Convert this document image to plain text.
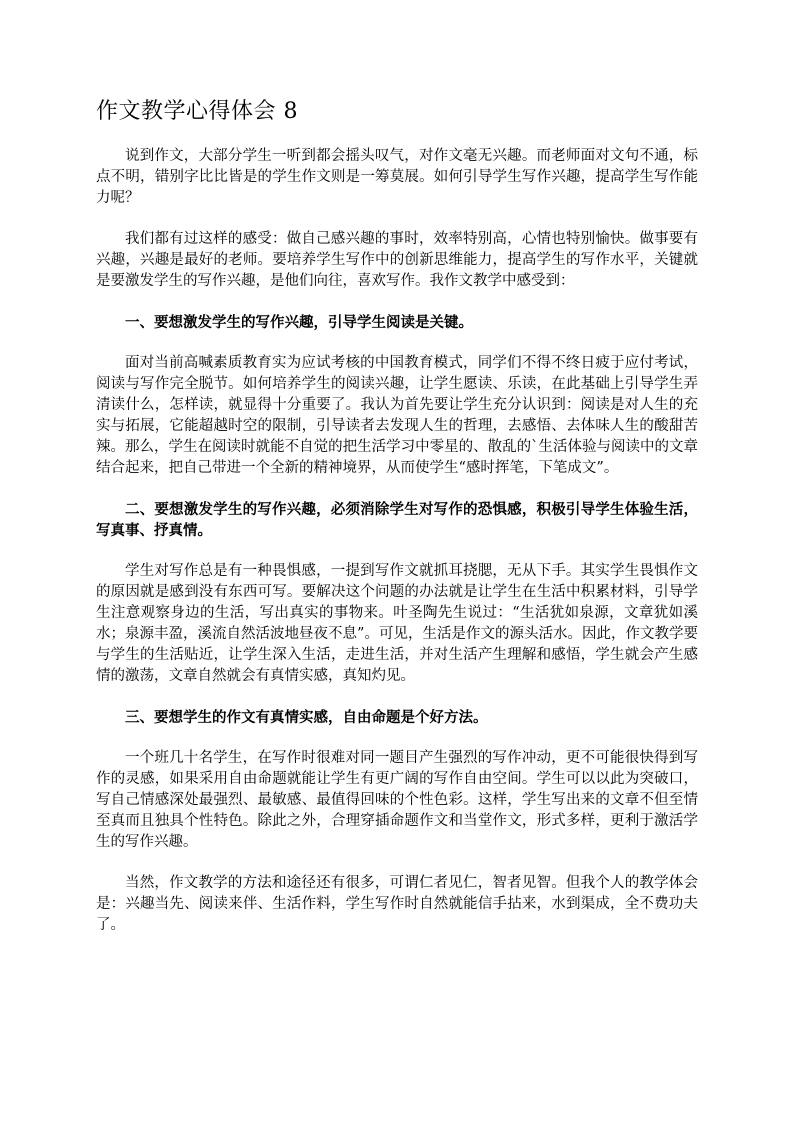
作文教学心得体会 8

说到作文，大部分学生一听到都会摇头叹气，对作文毫无兴趣。而老师面对文句不通，标点不明，错别字比比皆是的学生作文则是一筹莫展。如何引导学生写作兴趣，提高学生写作能力呢？

我们都有过这样的感受：做自己感兴趣的事时，效率特别高，心情也特别愉快。做事要有兴趣，兴趣是最好的老师。要培养学生写作中的创新思维能力，提高学生的写作水平，关键就是要激发学生的写作兴趣，是他们向往，喜欢写作。我作文教学中感受到：

一、要想激发学生的写作兴趣，引导学生阅读是关键。

面对当前高喊素质教育实为应试考核的中国教育模式，同学们不得不终日疲于应付考试，阅读与写作完全脱节。如何培养学生的阅读兴趣，让学生愿读、乐读，在此基础上引导学生弄清读什么，怎样读，就显得十分重要了。我认为首先要让学生充分认识到：阅读是对人生的充实与拓展，它能超越时空的限制，引导读者去发现人生的哲理，去感悟、去体味人生的酸甜苦辣。那么，学生在阅读时就能不自觉的把生活学习中零星的、散乱的`生活体验与阅读中的文章结合起来，把自己带进一个全新的精神境界，从而使学生“感时挥笔，下笔成文”。

二、要想激发学生的写作兴趣，必须消除学生对写作的恐惧感，积极引导学生体验生活，写真事、抒真情。

学生对写作总是有一种畏惧感，一提到写作文就抓耳挠腮，无从下手。其实学生畏惧作文的原因就是感到没有东西可写。要解决这个问题的办法就是让学生在生活中积累材料，引导学生注意观察身边的生活，写出真实的事物来。叶圣陶先生说过：“生活犹如泉源，文章犹如溪水；泉源丰盈，溪流自然活波地昼夜不息”。可见，生活是作文的源头活水。因此，作文教学要与学生的生活贴近，让学生深入生活，走进生活，并对生活产生理解和感悟，学生就会产生感情的激荡，文章自然就会有真情实感，真知灼见。

三、要想学生的作文有真情实感，自由命题是个好方法。

一个班几十名学生，在写作时很难对同一题目产生强烈的写作冲动，更不可能很快得到写作的灵感，如果采用自由命题就能让学生有更广阔的写作自由空间。学生可以以此为突破口，写自己情感深处最强烈、最敏感、最值得回味的个性色彩。这样，学生写出来的文章不但至情至真而且独具个性特色。除此之外，合理穿插命题作文和当堂作文，形式多样，更利于激活学生的写作兴趣。

当然，作文教学的方法和途径还有很多，可谓仁者见仁，智者见智。但我个人的教学体会是：兴趣当先、阅读来伴、生活作料，学生写作时自然就能信手拈来，水到渠成，全不费功夫了。
